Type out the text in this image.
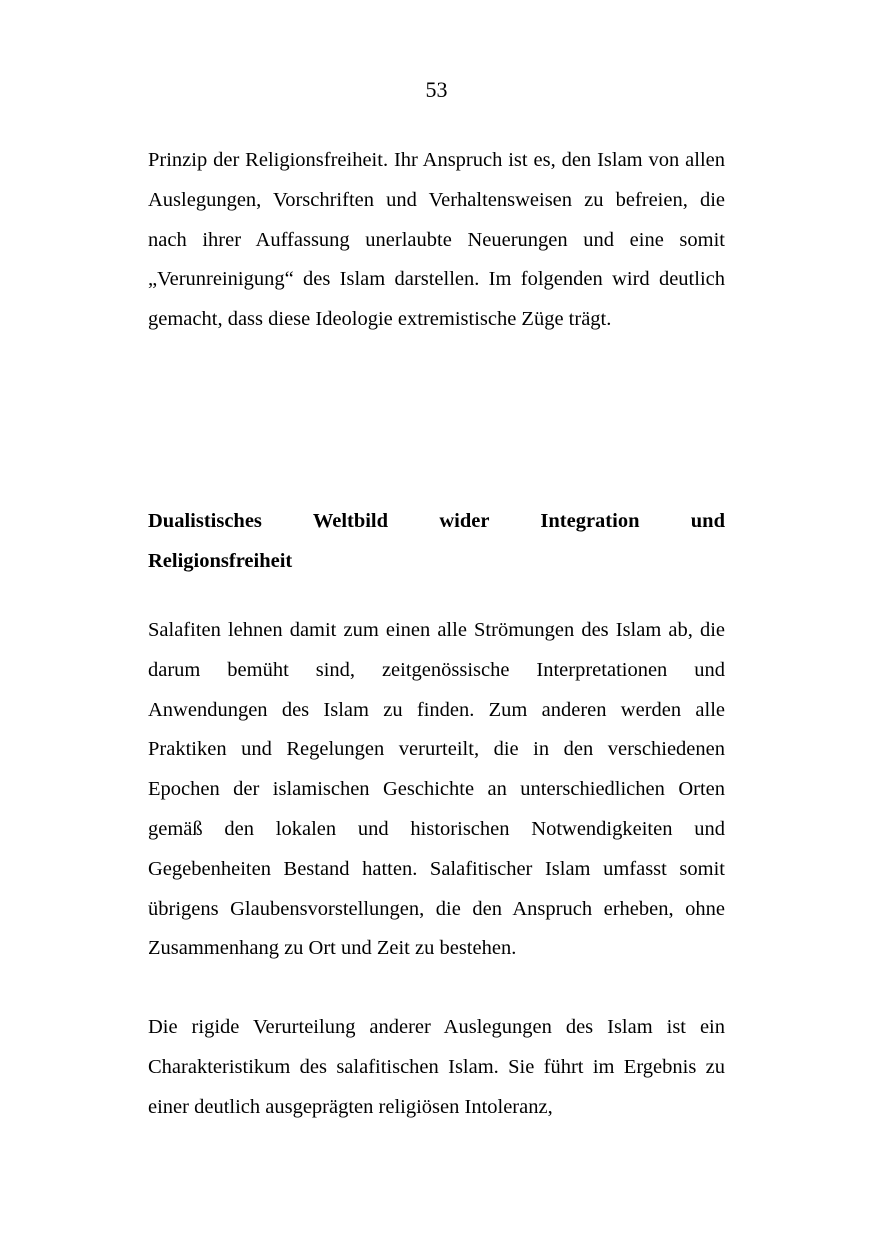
53

Prinzip der Religionsfreiheit. Ihr Anspruch ist es, den Islam von allen Auslegungen, Vorschriften und Verhaltensweisen zu befreien, die nach ihrer Auffassung unerlaubte Neuerungen und eine somit „Verunreinigung“ des Islam darstellen. Im folgenden wird deutlich gemacht, dass diese Ideologie extremistische Züge trägt.

Dualistisches Weltbild wider Integration und
Religionsfreiheit

Salafiten lehnen damit zum einen alle Strömungen des Islam ab, die darum bemüht sind, zeitgenössische Interpretationen und Anwendungen des Islam zu finden. Zum anderen werden alle Praktiken und Regelungen verurteilt, die in den verschiedenen Epochen der islamischen Geschichte an unterschiedlichen Orten gemäß den lokalen und historischen Notwendigkeiten und Gegebenheiten Bestand hatten. Salafitischer Islam umfasst somit übrigens Glaubensvorstellungen, die den Anspruch erheben, ohne Zusammenhang zu Ort und Zeit zu bestehen.

Die rigide Verurteilung anderer Auslegungen des Islam ist ein Charakteristikum des salafitischen Islam. Sie führt im Ergebnis zu einer deutlich ausgeprägten religiösen Intoleranz,
